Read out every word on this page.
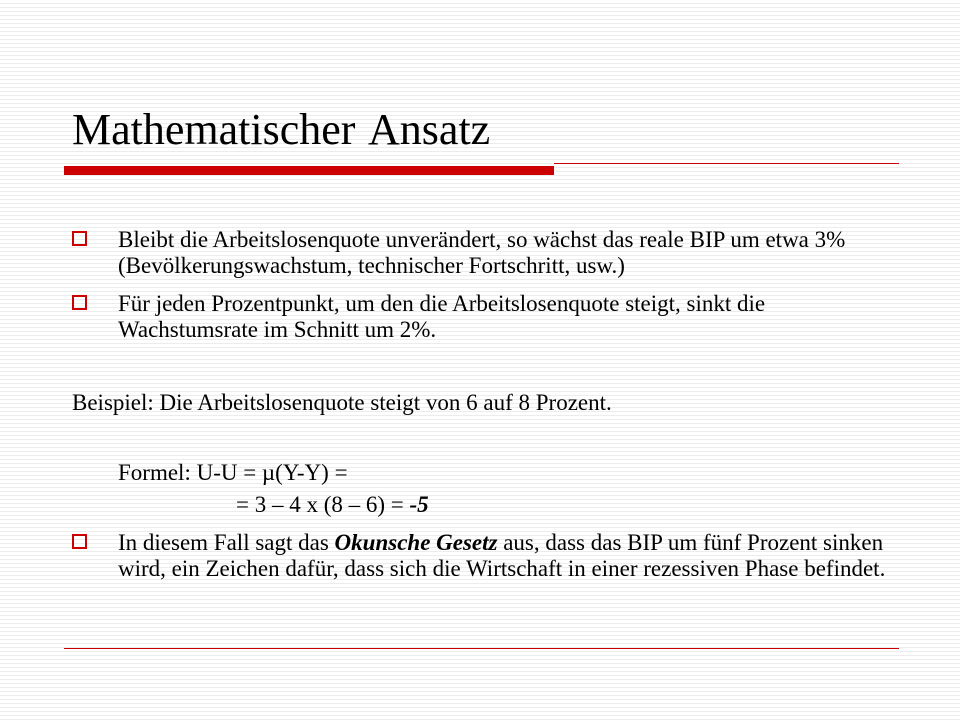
Mathematischer Ansatz
Bleibt die Arbeitslosenquote unverändert, so wächst das reale BIP um etwa 3% (Bevölkerungswachstum, technischer Fortschritt, usw.)
Für jeden Prozentpunkt, um den die Arbeitslosenquote steigt, sinkt die Wachstumsrate im Schnitt um 2%.
Beispiel: Die Arbeitslosenquote steigt von 6 auf 8 Prozent.
Formel: U-U = µ(Y-Y) =
= 3 – 4 x (8 – 6) = -5
In diesem Fall sagt das Okunsche Gesetz aus, dass das BIP um fünf Prozent sinken wird, ein Zeichen dafür, dass sich die Wirtschaft in einer rezessiven Phase befindet.
